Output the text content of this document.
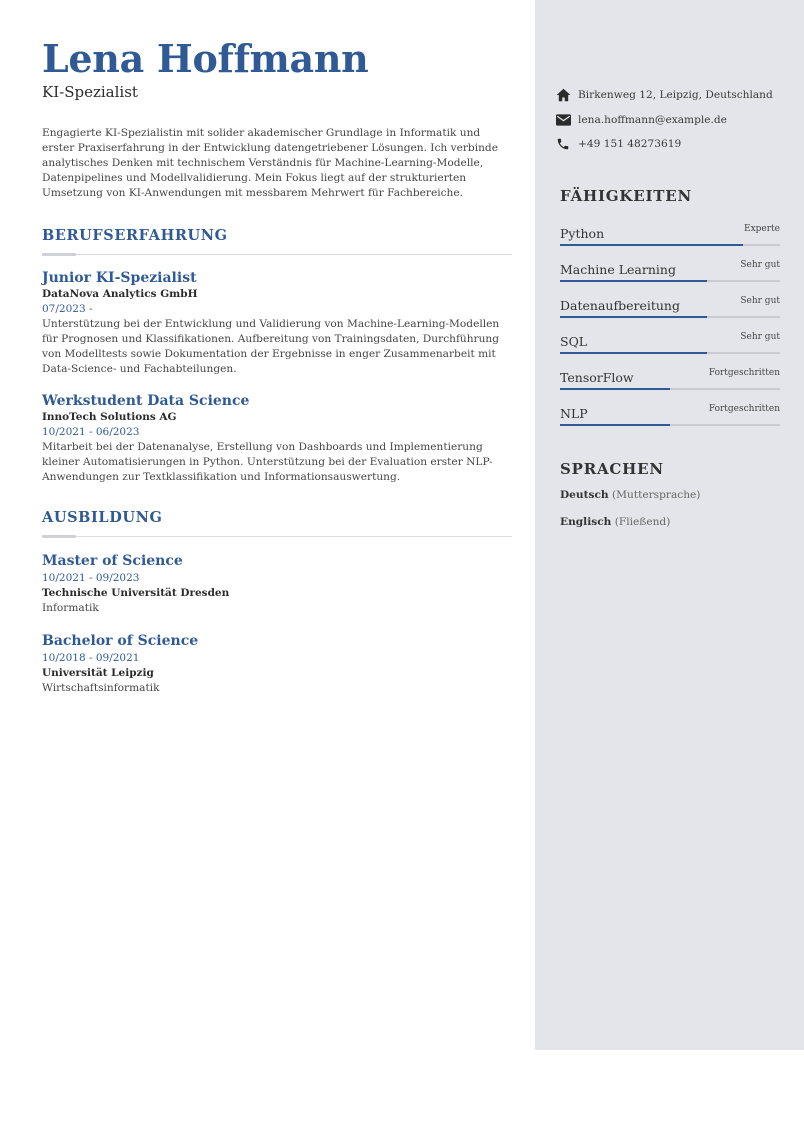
Lena Hoffmann
KI-Spezialist
Engagierte KI-Spezialistin mit solider akademischer Grundlage in Informatik und erster Praxiserfahrung in der Entwicklung datengetriebener Lösungen. Ich verbinde analytisches Denken mit technischem Verständnis für Machine-Learning-Modelle, Datenpipelines und Modellvalidierung. Mein Fokus liegt auf der strukturierten Umsetzung von KI-Anwendungen mit messbarem Mehrwert für Fachbereiche.
BERUFSERFAHRUNG
Junior KI-Spezialist
DataNova Analytics GmbH
07/2023 -
Unterstützung bei der Entwicklung und Validierung von Machine-Learning-Modellen für Prognosen und Klassifikationen. Aufbereitung von Trainingsdaten, Durchführung von Modelltests sowie Dokumentation der Ergebnisse in enger Zusammenarbeit mit Data-Science- und Fachabteilungen.
Werkstudent Data Science
InnoTech Solutions AG
10/2021 - 06/2023
Mitarbeit bei der Datenanalyse, Erstellung von Dashboards und Implementierung kleiner Automatisierungen in Python. Unterstützung bei der Evaluation erster NLP-Anwendungen zur Textklassifikation und Informationsauswertung.
AUSBILDUNG
Master of Science
10/2021 - 09/2023
Technische Universität Dresden
Informatik
Bachelor of Science
10/2018 - 09/2021
Universität Leipzig
Wirtschaftsinformatik
Birkenweg 12, Leipzig, Deutschland
lena.hoffmann@example.de
+49 151 48273619
FÄHIGKEITEN
Python	Experte
Machine Learning	Sehr gut
Datenaufbereitung	Sehr gut
SQL	Sehr gut
TensorFlow	Fortgeschritten
NLP	Fortgeschritten
SPRACHEN
Deutsch (Muttersprache)
Englisch (Fließend)
